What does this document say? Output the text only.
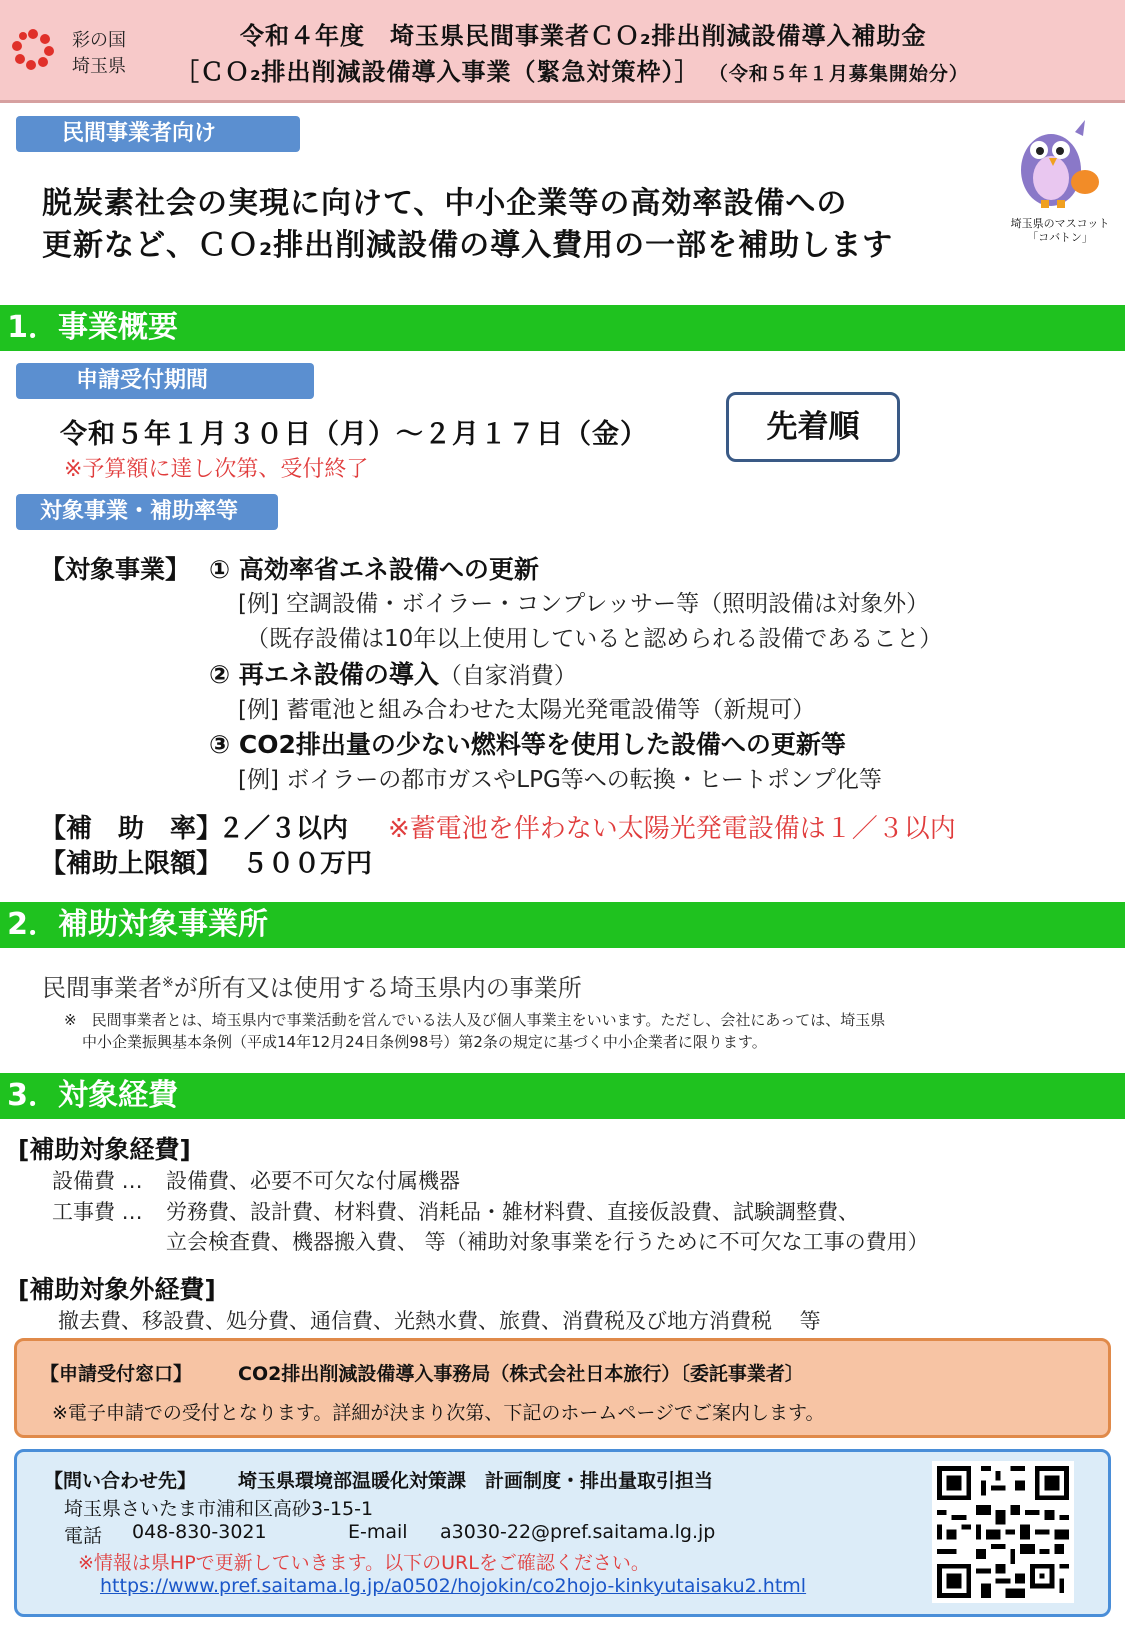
彩の国
埼玉県
令和４年度　埼玉県民間事業者ＣＯ₂排出削減設備導入補助金
［ＣＯ₂排出削減設備導入事業（緊急対策枠）］ （令和５年１月募集開始分）
民間事業者向け
脱炭素社会の実現に向けて、中小企業等の高効率設備への
更新など、ＣＯ₂排出削減設備の導入費用の一部を補助します
埼玉県のマスコット
「コバトン」
1．事業概要
申請受付期間
令和５年１月３０日（月）～２月１７日（金）	先着順
※予算額に達し次第、受付終了
対象事業・補助率等
【対象事業】 ① 高効率省エネ設備への更新
[例] 空調設備・ボイラー・コンプレッサー等（照明設備は対象外）
（既存設備は10年以上使用していると認められる設備であること）
② 再エネ設備の導入（自家消費）
[例] 蓄電池と組み合わせた太陽光発電設備等（新規可）
③ CO2排出量の少ない燃料等を使用した設備への更新等
[例] ボイラーの都市ガスやLPG等への転換・ヒートポンプ化等
【補　助　率】
２／３以内 ※蓄電池を伴わない太陽光発電設備は１／３以内
【補助上限額】 ５００万円
2．補助対象事業所
民間事業者※が所有又は使用する埼玉県内の事業所
※　民間事業者とは、埼玉県内で事業活動を営んでいる法人及び個人事業主をいいます。ただし、会社にあっては、埼玉県
中小企業振興基本条例（平成14年12月24日条例98号）第2条の規定に基づく中小企業者に限ります。
3．対象経費
[補助対象経費]
設備費 … 設備費、必要不可欠な付属機器
工事費 … 労務費、設計費、材料費、消耗品・雑材料費、直接仮設費、試験調整費、
立会検査費、機器搬入費、 等（補助対象事業を行うために不可欠な工事の費用）
[補助対象外経費]
撤去費、移設費、処分費、通信費、光熱水費、旅費、消費税及び地方消費税　 等
【申請受付窓口】 CO2排出削減設備導入事務局（株式会社日本旅行）〔委託事業者〕
※電子申請での受付となります。詳細が決まり次第、下記のホームページでご案内します。
【問い合わせ先】 埼玉県環境部温暖化対策課　計画制度・排出量取引担当
埼玉県さいたま市浦和区高砂3-15-1
電話 048-830-3021	E-mail a3030-22@pref.saitama.lg.jp
※情報は県HPで更新していきます。以下のURLをご確認ください。
https://www.pref.saitama.lg.jp/a0502/hojokin/co2hojo-kinkyutaisaku2.html
